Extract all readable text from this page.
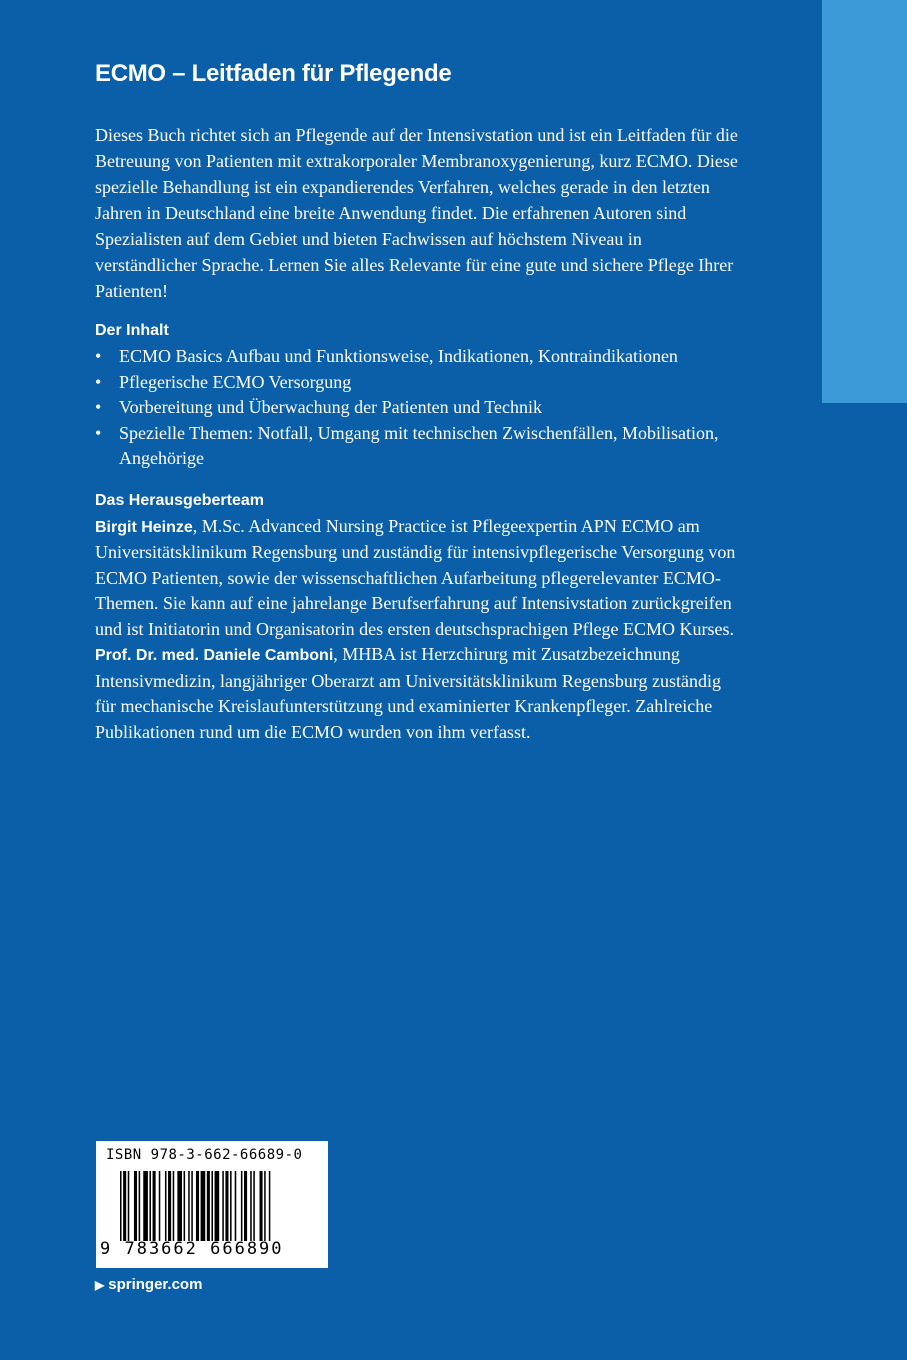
ECMO – Leitfaden für Pflegende

Dieses Buch richtet sich an Pflegende auf der Intensivstation und ist ein Leitfaden für die Betreuung von Patienten mit extrakorporaler Membranoxygenierung, kurz ECMO. Diese spezielle Behandlung ist ein expandierendes Verfahren, welches gerade in den letzten Jahren in Deutschland eine breite Anwendung findet. Die erfahrenen Autoren sind Spezialisten auf dem Gebiet und bieten Fachwissen auf höchstem Niveau in verständlicher Sprache. Lernen Sie alles Relevante für eine gute und sichere Pflege Ihrer Patienten!

Der Inhalt
• ECMO Basics Aufbau und Funktionsweise, Indikationen, Kontraindikationen
• Pflegerische ECMO Versorgung
• Vorbereitung und Überwachung der Patienten und Technik
• Spezielle Themen: Notfall, Umgang mit technischen Zwischenfällen, Mobilisation, Angehörige
Das Herausgeberteam

Birgit Heinze, M.Sc. Advanced Nursing Practice ist Pflegeexpertin APN ECMO am Universitätsklinikum Regensburg und zuständig für intensivpflegerische Versorgung von ECMO Patienten, sowie der wissenschaftlichen Aufarbeitung pflegerelevanter ECMO-Themen. Sie kann auf eine jahrelange Berufserfahrung auf Intensivstation zurückgreifen und ist Initiatorin und Organisatorin des ersten deutschsprachigen Pflege ECMO Kurses.

Prof. Dr. med. Daniele Camboni, MHBA ist Herzchirurg mit Zusatzbezeichnung Intensivmedizin, langjähriger Oberarzt am Universitätsklinikum Regensburg zuständig für mechanische Kreislaufunterstützung und examinierter Krankenpfleger. Zahlreiche Publikationen rund um die ECMO wurden von ihm verfasst.

ISBN 978-3-662-66689-0
9 783662 666890
▶ springer.com
